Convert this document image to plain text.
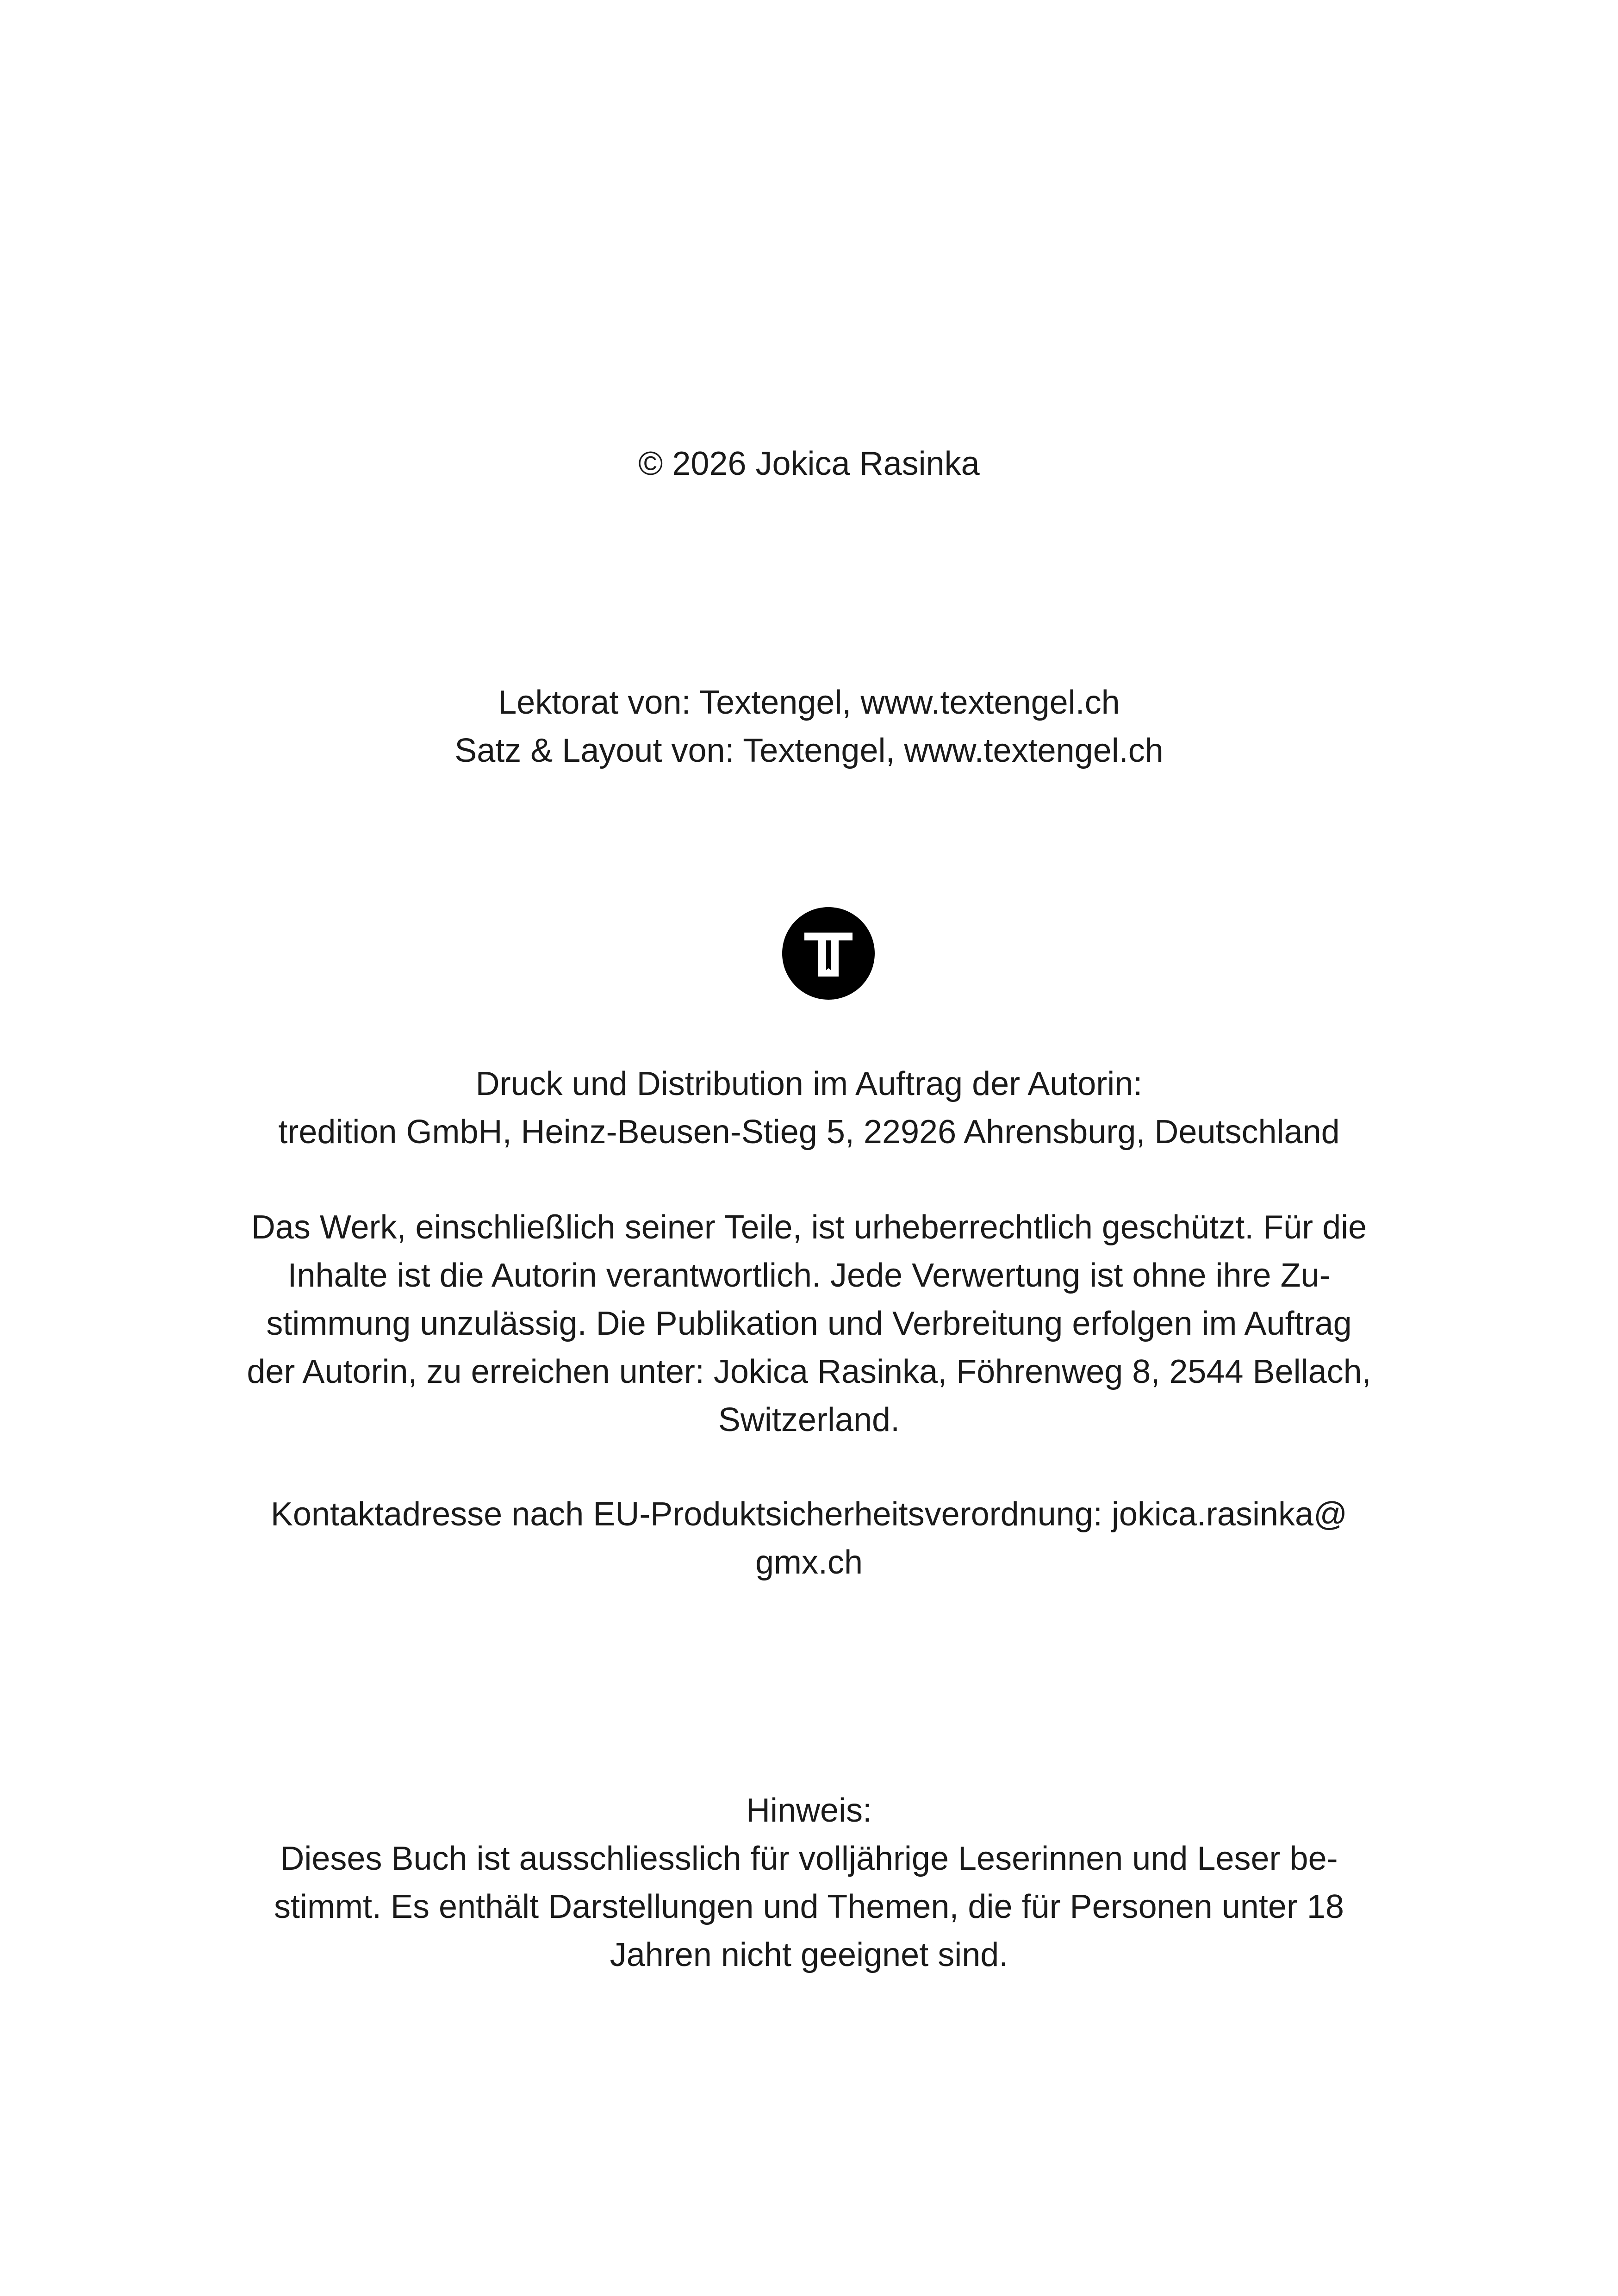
© 2026 Jokica Rasinka
Lektorat von: Textengel, www.textengel.ch
Satz & Layout von: Textengel, www.textengel.ch
Druck und Distribution im Auftrag der Autorin:
tredition GmbH, Heinz-Beusen-Stieg 5, 22926 Ahrensburg, Deutschland
Das Werk, einschließlich seiner Teile, ist urheberrechtlich geschützt. Für die
Inhalte ist die Autorin verantwortlich. Jede Verwertung ist ohne ihre Zu-
stimmung unzulässig. Die Publikation und Verbreitung erfolgen im Auftrag
der Autorin, zu erreichen unter: Jokica Rasinka, Föhrenweg 8, 2544 Bellach,
Switzerland.
Kontaktadresse nach EU-Produktsicherheitsverordnung: jokica.rasinka@
gmx.ch
Hinweis:
Dieses Buch ist ausschliesslich für volljährige Leserinnen und Leser be-
stimmt. Es enthält Darstellungen und Themen, die für Personen unter 18
Jahren nicht geeignet sind.
